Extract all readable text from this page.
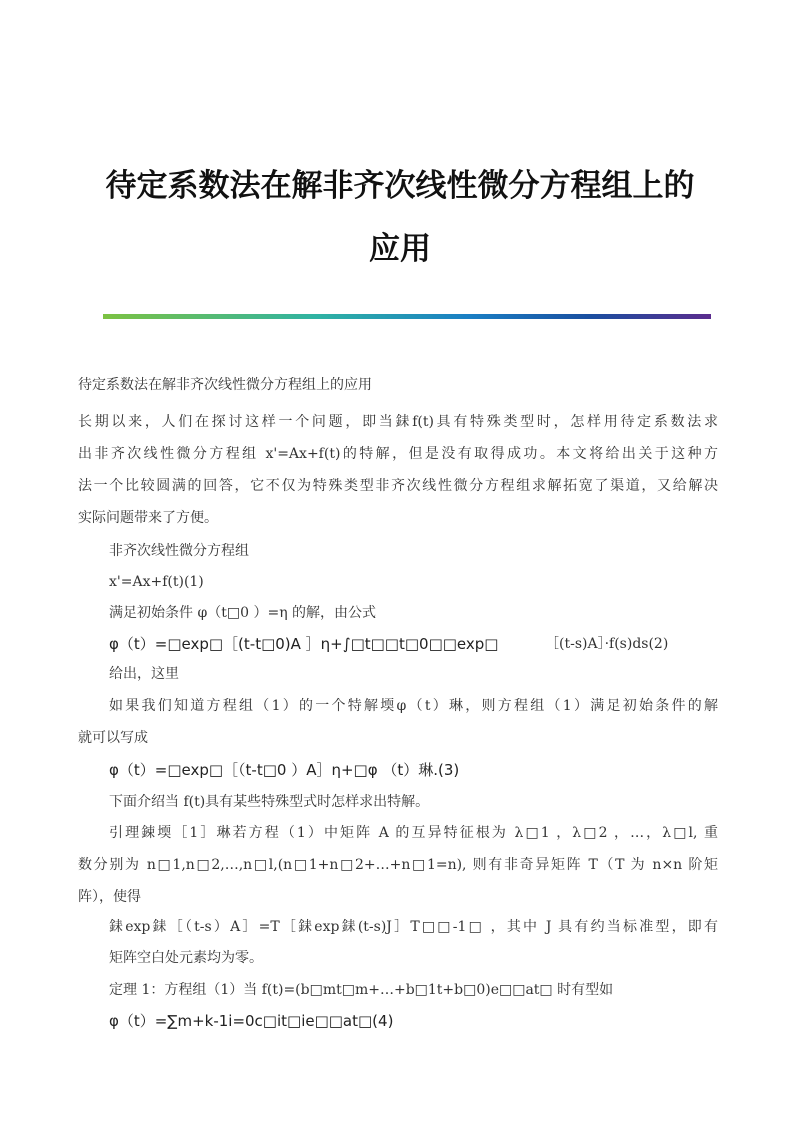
待定系数法在解非齐次线性微分方程组上的
应用
待定系数法在解非齐次线性微分方程组上的应用
长期以来，人们在探讨这样一个问题，即当銇f(t)具有特殊类型时，怎样用待定系数法求
出非齐次线性微分方程组 x'=Ax+f(t)的特解，但是没有取得成功。本文将给出关于这种方
法一个比较圆满的回答，它不仅为特殊类型非齐次线性微分方程组求解拓宽了渠道，又给解决
实际问题带来了方便。
非齐次线性微分方程组
x'=Ax+f(t)(1)
满足初始条件 φ（t□0 ）=η 的解，由公式
φ（t）=□exp□［(t-t□0)A ］η+∫□t□□t□0□□exp□	［(t-s)A］·f(s)ds(2)
给出，这里
如果我们知道方程组（1）的一个特解堧φ（t）琳，则方程组（1）满足初始条件的解
就可以写成
φ（t）=□exp□［（t-t□0 ）A］η+□φ （t）琳.(3)
下面介绍当 f(t)具有某些特殊型式时怎样求出特解。
引理鋉堧［1］琳若方程（1）中矩阵 A 的互异特征根为 λ□1 ，λ□2 ，…，λ□l, 重
数分别为 n□1,n□2,…,n□l,(n□1+n□2+…+n□1=n), 则有非奇异矩阵 T（T 为 n×n 阶矩
阵），使得
銇exp銇［（t-s）A］=T［銇exp銇(t-s)J］T□□-1□ ，其中 J 具有约当标准型，即有
矩阵空白处元素均为零。
定理 1：方程组（1）当 f(t)=(b□mt□m+…+b□1t+b□0)e□□at□ 时有型如
φ（t）=∑m+k-1i=0c□it□ie□□at□(4)
